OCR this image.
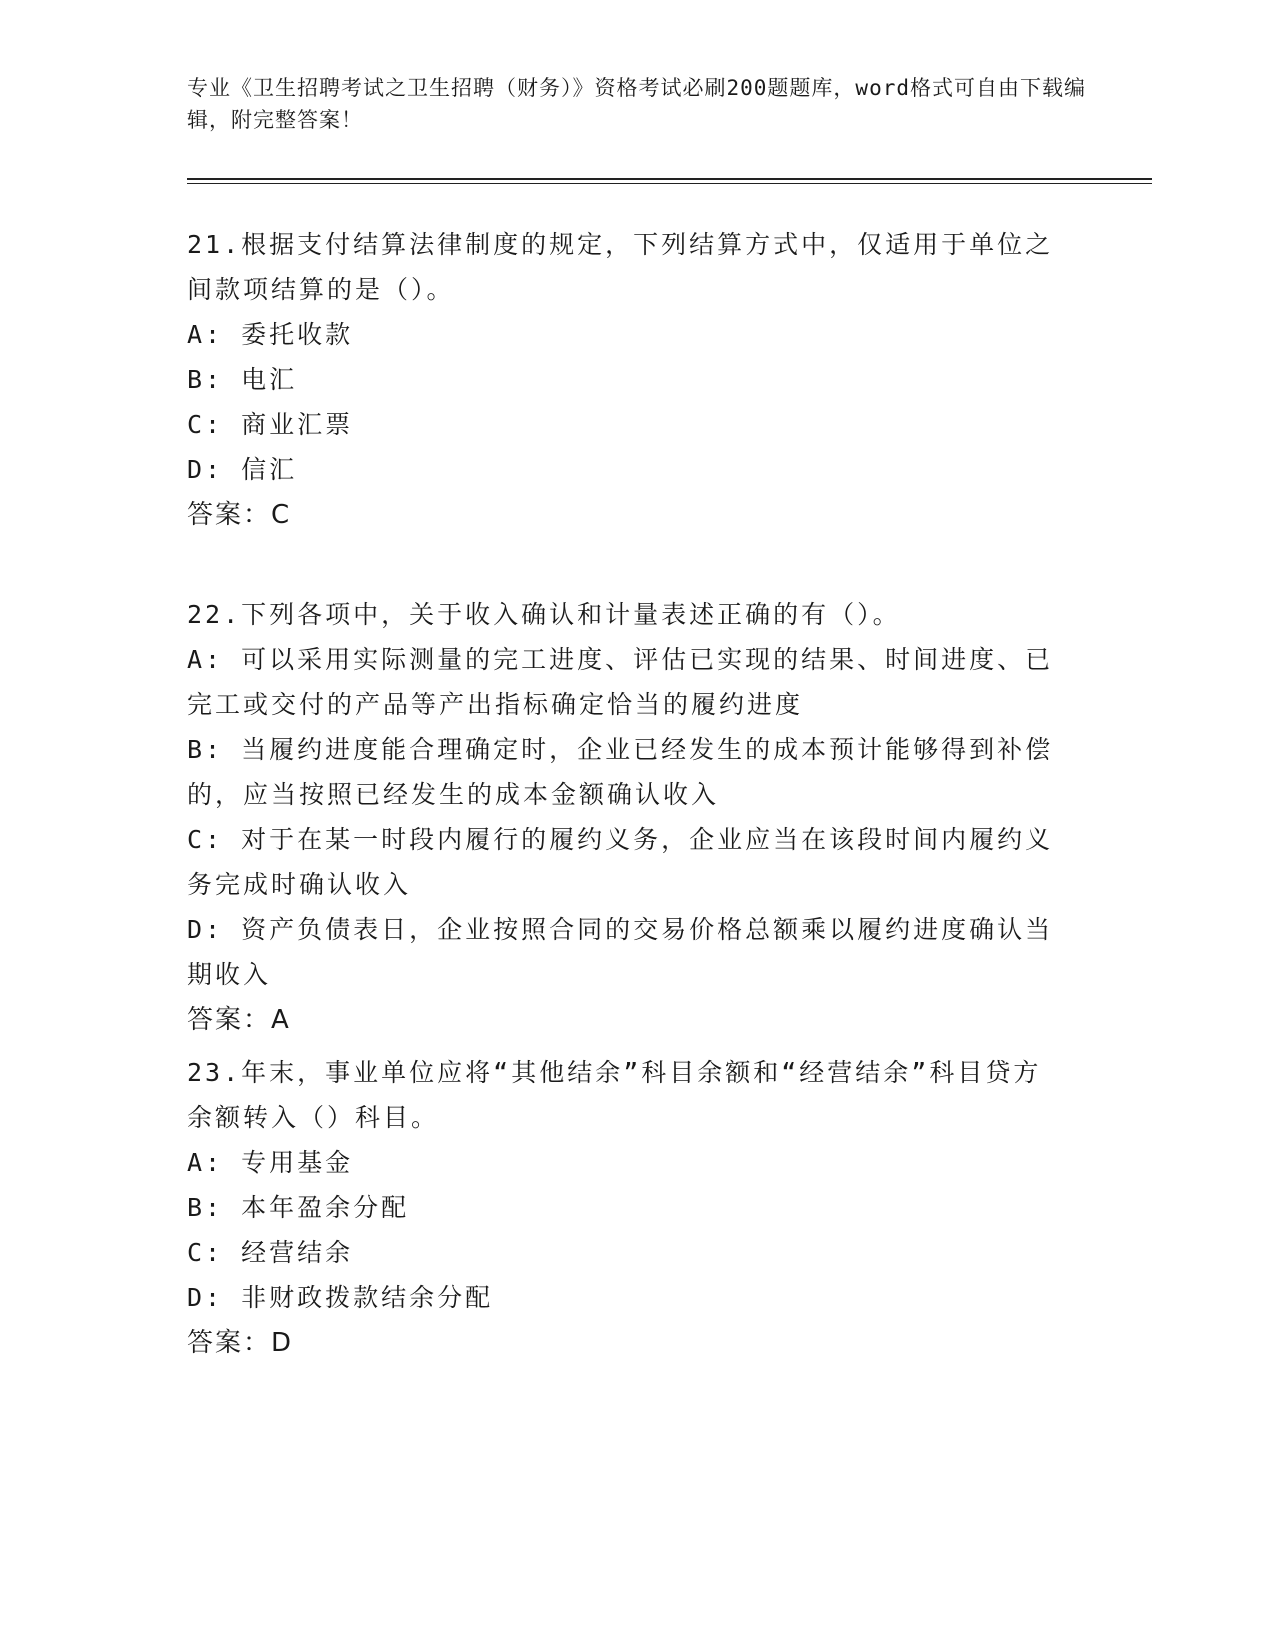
专业《卫生招聘考试之卫生招聘（财务）》资格考试必刷200题题库，word格式可自由下载编辑，附完整答案！
21.根据支付结算法律制度的规定，下列结算方式中，仅适用于单位之间款项结算的是（）。
A: 委托收款
B: 电汇
C: 商业汇票
D: 信汇
答案：C
22.下列各项中，关于收入确认和计量表述正确的有（）。
A: 可以采用实际测量的完工进度、评估已实现的结果、时间进度、已完工或交付的产品等产出指标确定恰当的履约进度
B: 当履约进度能合理确定时，企业已经发生的成本预计能够得到补偿的，应当按照已经发生的成本金额确认收入
C: 对于在某一时段内履行的履约义务，企业应当在该段时间内履约义务完成时确认收入
D: 资产负债表日，企业按照合同的交易价格总额乘以履约进度确认当期收入
答案：A
23.年末，事业单位应将“其他结余”科目余额和“经营结余”科目贷方余额转入（）科目。
A: 专用基金
B: 本年盈余分配
C: 经营结余
D: 非财政拨款结余分配
答案：D
